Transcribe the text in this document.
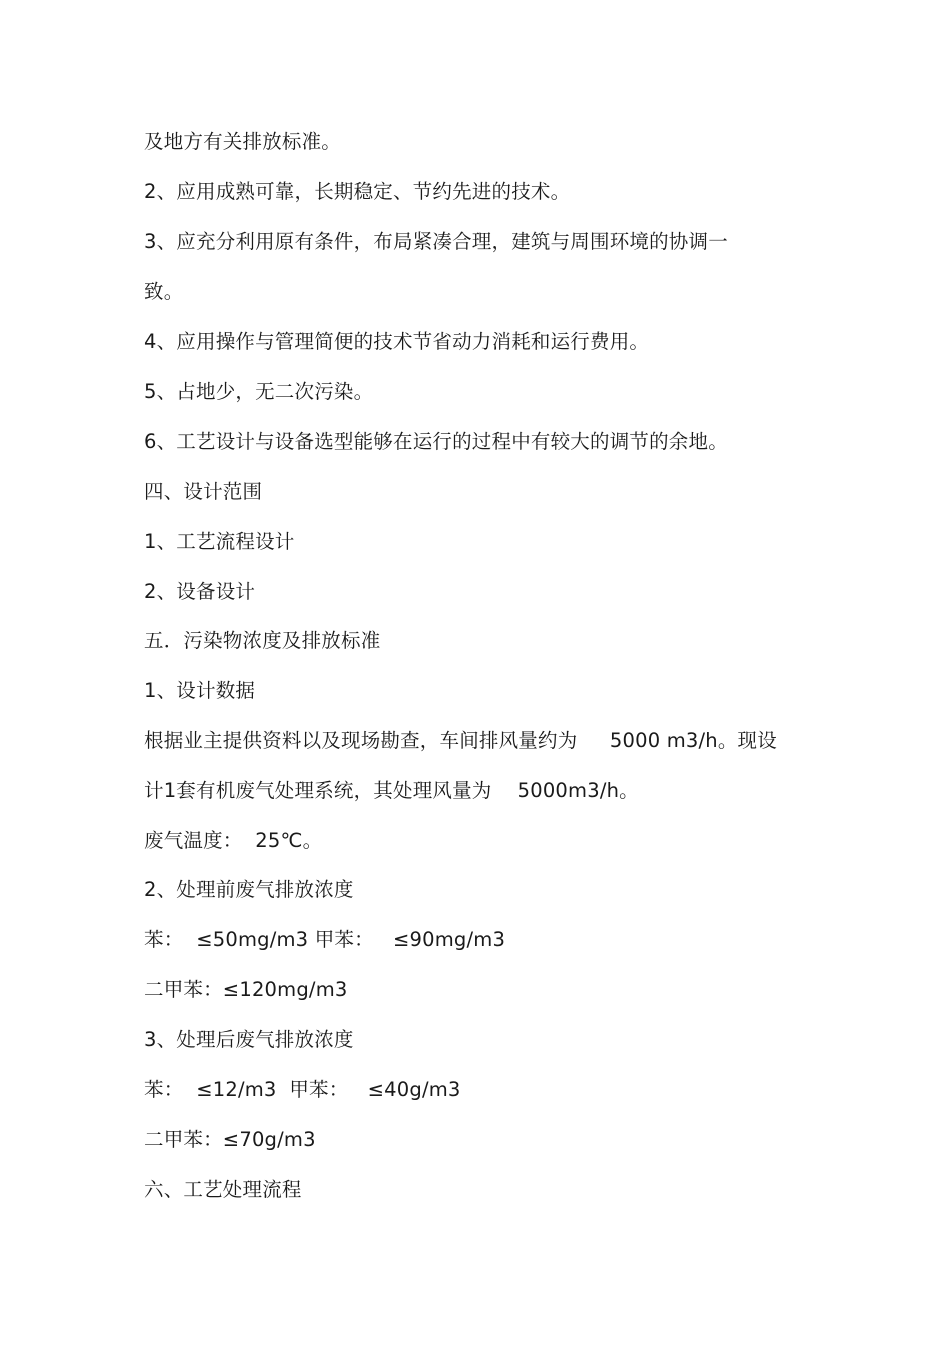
及地方有关排放标准。
2、应用成熟可靠，长期稳定、节约先进的技术。
3、应充分利用原有条件，布局紧凑合理，建筑与周围环境的协调一
致。
4、应用操作与管理简便的技术节省动力消耗和运行费用。
5、占地少，无二次污染。
6、工艺设计与设备选型能够在运行的过程中有较大的调节的余地。
四、设计范围
1、工艺流程设计
2、设备设计
五．污染物浓度及排放标准
1、设计数据
根据业主提供资料以及现场勘查，车间排风量约为　  5000 m3/h。现设
计1套有机废气处理系统，其处理风量为　 5000m3/h。
废气温度：  25℃。
2、处理前废气排放浓度
苯：  ≤50mg/m3 甲苯：   ≤90mg/m3
二甲苯：≤120mg/m3
3、处理后废气排放浓度
苯：  ≤12/m3  甲苯：   ≤40g/m3
二甲苯：≤70g/m3
六、工艺处理流程
